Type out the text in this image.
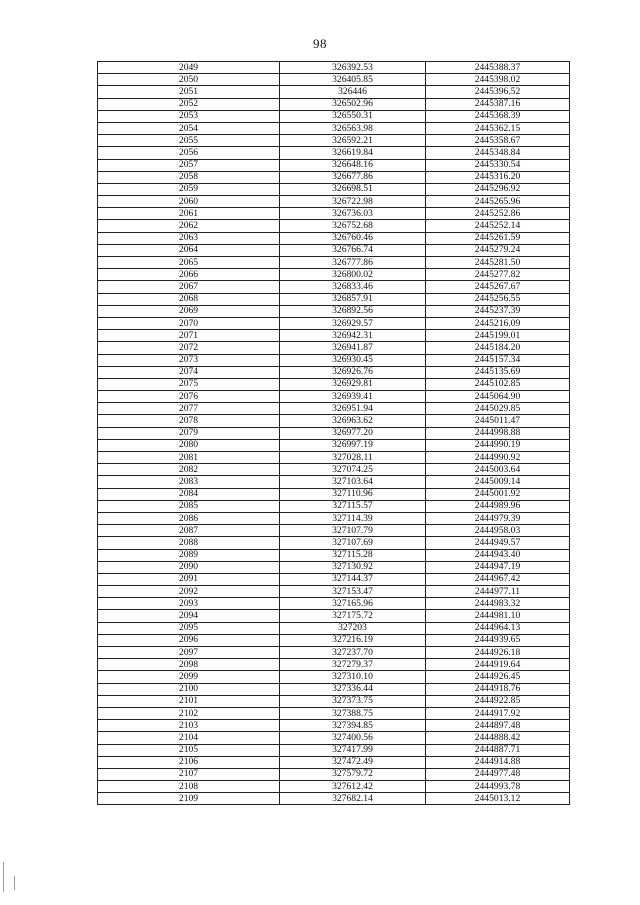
98
2049	326392.53	2445388.37
2050	326405.85	2445398.02
2051	326446	2445396.52
2052	326502.96	2445387.16
2053	326550.31	2445368.39
2054	326563.98	2445362.15
2055	326592.21	2445358.67
2056	326619.84	2445348.84
2057	326648.16	2445330.54
2058	326677.86	2445316.20
2059	326698.51	2445296.92
2060	326722.98	2445265.96
2061	326736.03	2445252.86
2062	326752.68	2445252.14
2063	326760.46	2445261.59
2064	326766.74	2445279.24
2065	326777.86	2445281.50
2066	326800.02	2445277.82
2067	326833.46	2445267.67
2068	326857.91	2445256.55
2069	326892.56	2445237.39
2070	326929.57	2445216.09
2071	326942.31	2445199.01
2072	326941.87	2445184.20
2073	326930.45	2445157.34
2074	326926.76	2445135.69
2075	326929.81	2445102.85
2076	326939.41	2445064.90
2077	326951.94	2445029.85
2078	326963.62	2445011.47
2079	326977.20	2444998.88
2080	326997.19	2444990.19
2081	327028.11	2444990.92
2082	327074.25	2445003.64
2083	327103.64	2445009.14
2084	327110.96	2445001.92
2085	327115.57	2444989.96
2086	327114.39	2444979.39
2087	327107.79	2444958.03
2088	327107.69	2444949.57
2089	327115.28	2444943.40
2090	327130.92	2444947.19
2091	327144.37	2444967.42
2092	327153.47	2444977.11
2093	327165.96	2444983.32
2094	327175.72	2444981.10
2095	327203	2444964.13
2096	327216.19	2444939.65
2097	327237.70	2444926.18
2098	327279.37	2444919.64
2099	327310.10	2444926.45
2100	327336.44	2444918.76
2101	327373.75	2444922.85
2102	327388.75	2444917.92
2103	327394.85	2444897.48
2104	327400.56	2444888.42
2105	327417.99	2444887.71
2106	327472.49	2444914.88
2107	327579.72	2444977.48
2108	327612.42	2444993.78
2109	327682.14	2445013.12
